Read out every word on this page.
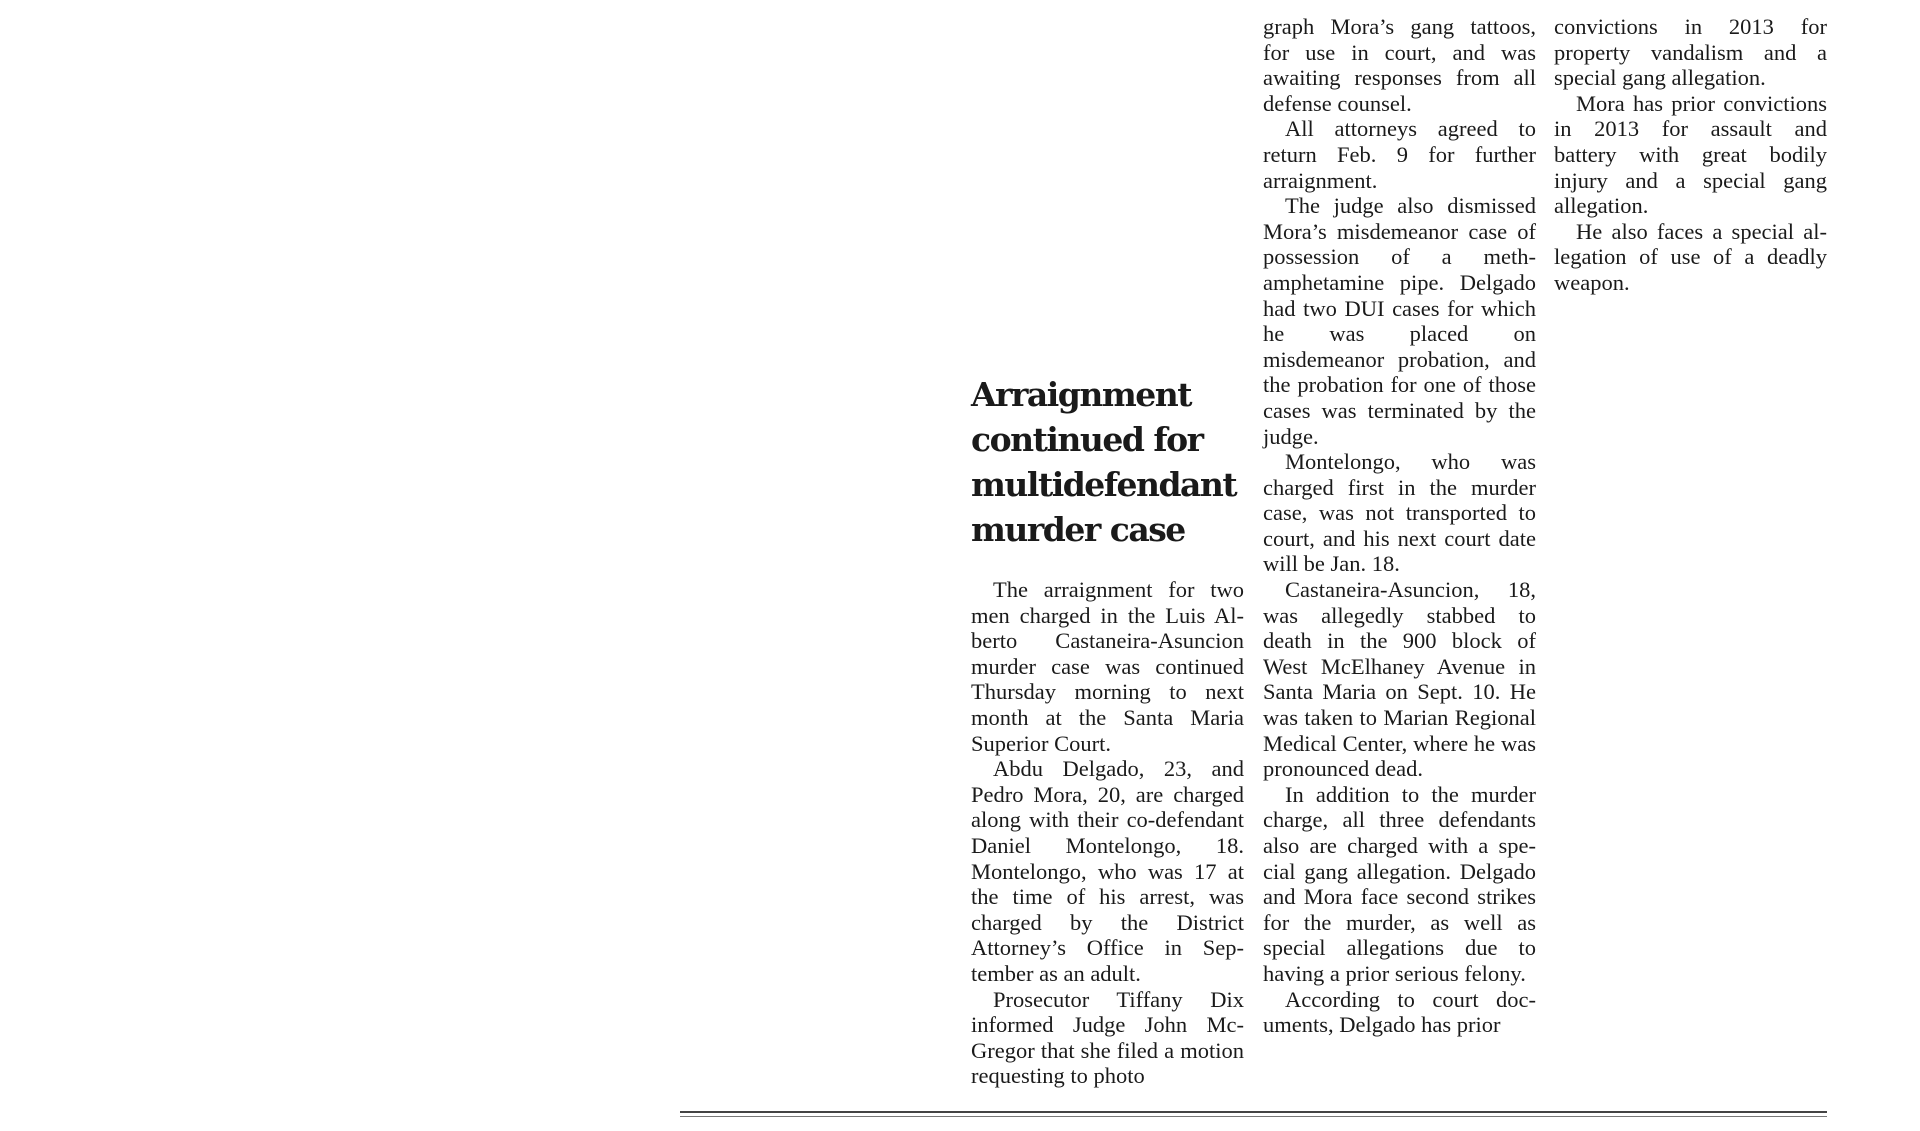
Arraignment continued for multidefendant murder case

The arraignment for two men charged in the Luis Alberto Castaneira-Asuncion murder case was continued Thursday morning to next month at the Santa Maria Superior Court.

Abdu Delgado, 23, and Pedro Mora, 20, are charged along with their co-defendant Daniel Montelongo, 18. Montelongo, who was 17 at the time of his arrest, was charged by the District Attorney’s Office in September as an adult.

Prosecutor Tiffany Dix informed Judge John McGregor that she filed a motion requesting to photo

graph Mora’s gang tattoos, for use in court, and was awaiting responses from all defense counsel.

All attorneys agreed to return Feb. 9 for further arraignment.

The judge also dismissed Mora’s misdemeanor case of possession of a methamphetamine pipe. Delgado had two DUI cases for which he was placed on misdemeanor probation, and the probation for one of those cases was terminated by the judge.

Montelongo, who was charged first in the murder case, was not transported to court, and his next court date will be Jan. 18.

Castaneira-Asuncion, 18, was allegedly stabbed to death in the 900 block of West McElhaney Avenue in Santa Maria on Sept. 10. He was taken to Marian Regional Medical Center, where he was pronounced dead.

In addition to the murder charge, all three defendants also are charged with a special gang allegation. Delgado and Mora face second strikes for the murder, as well as special allegations due to having a prior serious felony.

According to court documents, Delgado has prior

convictions in 2013 for property vandalism and a special gang allegation.

Mora has prior convictions in 2013 for assault and battery with great bodily injury and a special gang allegation.

He also faces a special allegation of use of a deadly weapon.
